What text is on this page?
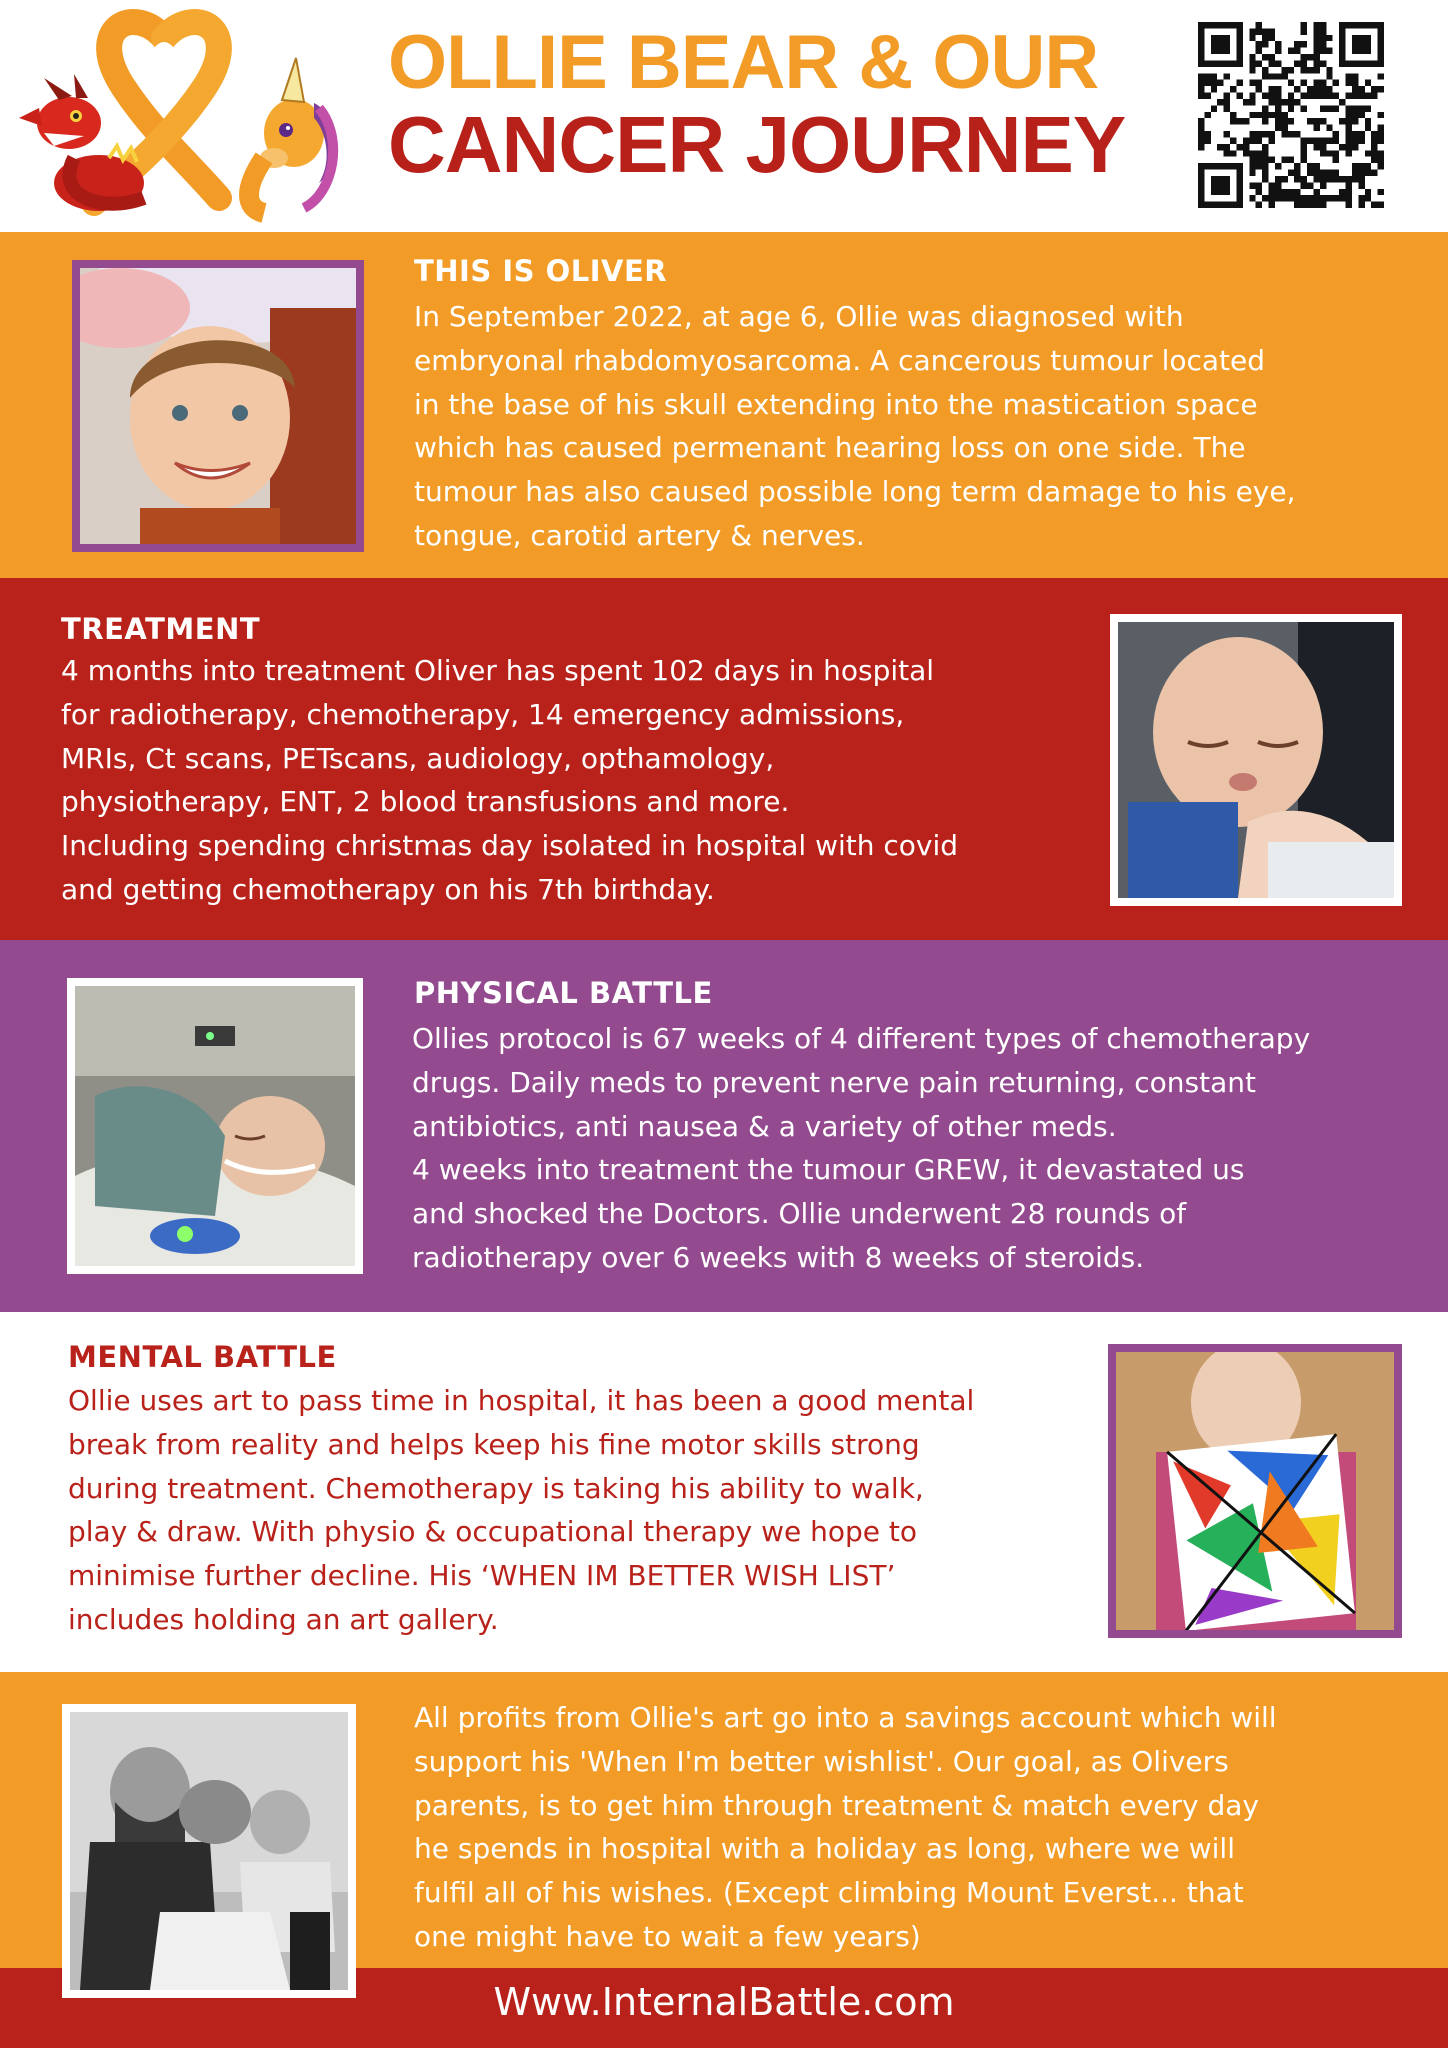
OLLIE BEAR & OUR
CANCER JOURNEY
THIS IS OLIVER
In September 2022, at age 6, Ollie was diagnosed with
embryonal rhabdomyosarcoma. A cancerous tumour located
in the base of his skull extending into the mastication space
which has caused permenant hearing loss on one side. The
tumour has also caused possible long term damage to his eye,
tongue, carotid artery & nerves.
TREATMENT
4 months into treatment Oliver has spent 102 days in hospital
for radiotherapy, chemotherapy, 14 emergency admissions,
MRIs, Ct scans, PETscans, audiology, opthamology,
physiotherapy, ENT, 2 blood transfusions and more.
Including spending christmas day isolated in hospital with covid
and getting chemotherapy on his 7th birthday.
PHYSICAL BATTLE
Ollies protocol is 67 weeks of 4 different types of chemotherapy
drugs. Daily meds to prevent nerve pain returning, constant
antibiotics, anti nausea & a variety of other meds.
4 weeks into treatment the tumour GREW, it devastated us
and shocked the Doctors. Ollie underwent 28 rounds of
radiotherapy over 6 weeks with 8 weeks of steroids.
MENTAL BATTLE
Ollie uses art to pass time in hospital, it has been a good mental
break from reality and helps keep his fine motor skills strong
during treatment. Chemotherapy is taking his ability to walk,
play & draw. With physio & occupational therapy we hope to
minimise further decline. His ‘WHEN IM BETTER WISH LIST’
includes holding an art gallery.
All profits from Ollie's art go into a savings account which will
support his 'When I'm better wishlist'. Our goal, as Olivers
parents, is to get him through treatment & match every day
he spends in hospital with a holiday as long, where we will
fulfil all of his wishes. (Except climbing Mount Everst... that
one might have to wait a few years)
Www.InternalBattle.com
